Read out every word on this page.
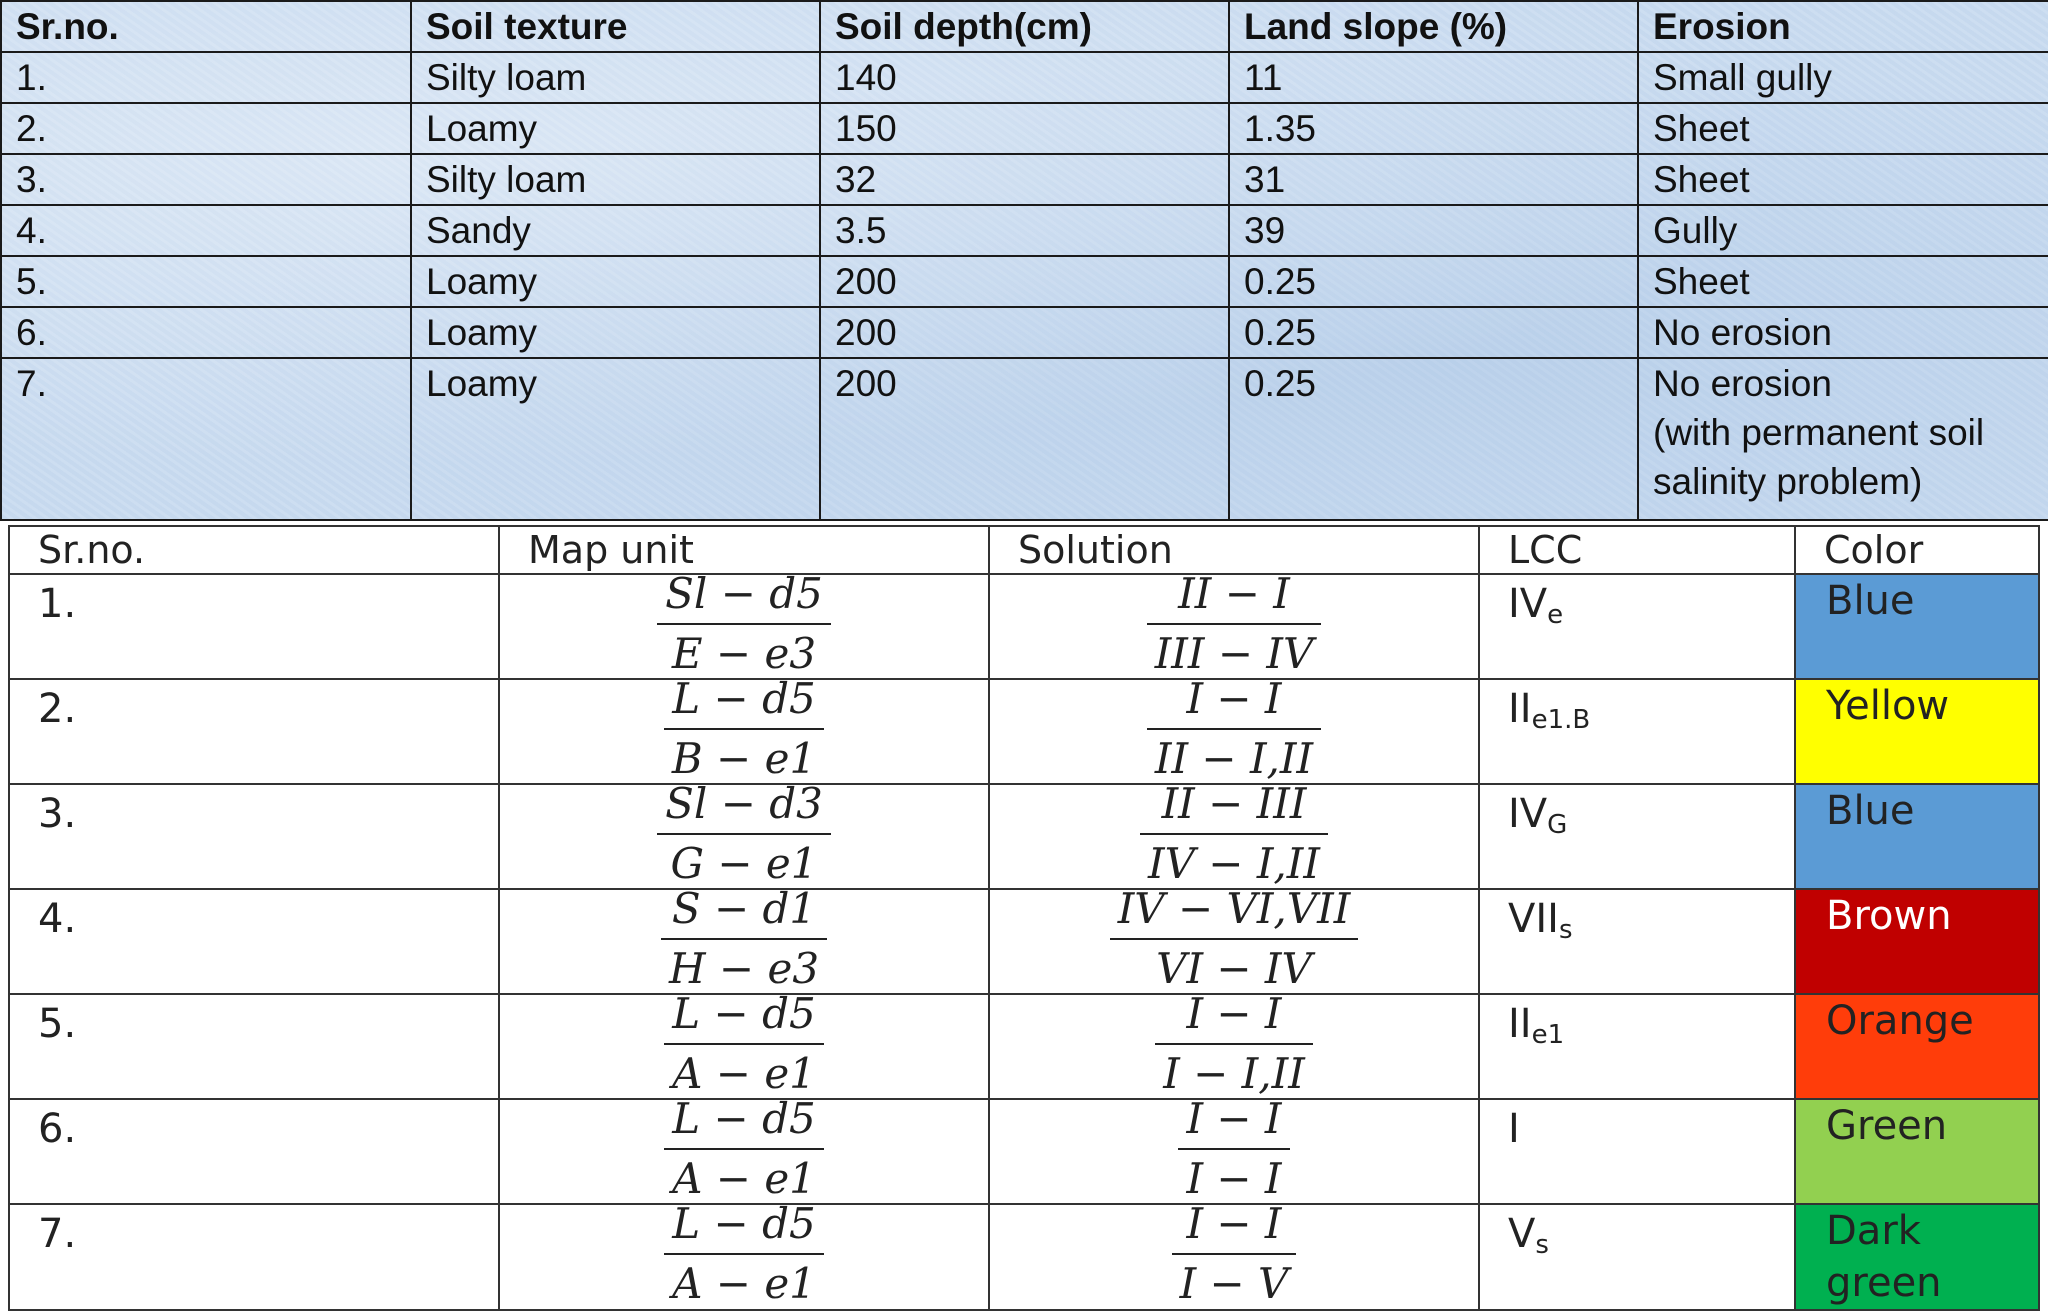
Sr.no.	Soil texture	Soil depth(cm)	Land slope (%)	Erosion
1.	Silty loam	140	11	Small gully
2.	Loamy	150	1.35	Sheet
3.	Silty loam	32	31	Sheet
4.	Sandy	3.5	39	Gully
5.	Loamy	200	0.25	Sheet
6.	Loamy	200	0.25	No erosion
7.	Loamy	200	0.25	No erosion
(with permanent soil
salinity problem)
Sr.no.	Map unit	Solution	LCC	Color
1.	$\frac{Sl - d5}{E - e3}$	$\frac{II - I}{\text{III − IV}}$	$IV_e$	Blue
2.	$\frac{L - d5}{B - e1}$	$\frac{I - I}{II - I,II}$	$II_{e1.B}$	Yellow
3.	$\frac{Sl - d3}{G - e1}$	$\frac{\text{II − III}}{IV - I,II}$	$IV_G$	Blue
4.	$\frac{S - d1}{H - e3}$	$\frac{\text{IV − VI,VII}}{VI - IV}$	$VII_s$	Brown
5.	$\frac{L - d5}{A - e1}$	$\frac{I - I}{I - I,II}$	$II_{e1}$	Orange
6.	$\frac{L - d5}{A - e1}$	$\frac{I - I}{I - I}$	I	Green
7.	$\frac{L - d5}{A - e1}$	$\frac{I - I}{I - V}$	$V_s$	Dark green
